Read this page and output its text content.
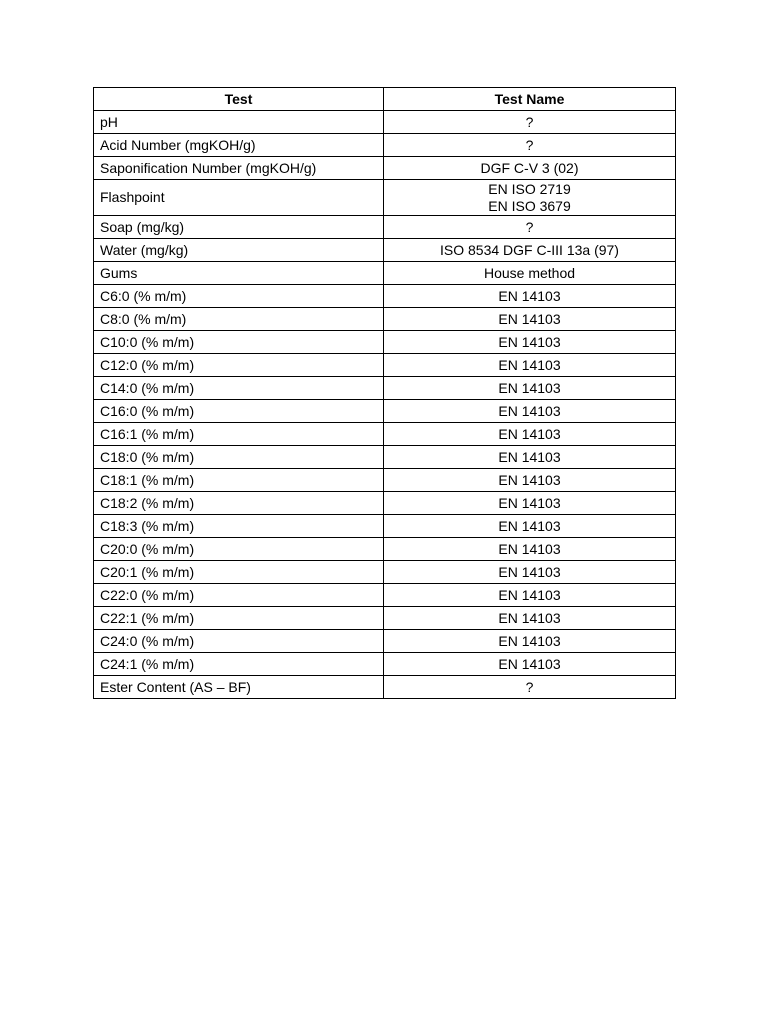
Test	Test Name
pH	?

Acid Number (mgKOH/g)	?

Saponification Number (mgKOH/g)	DGF C-V 3 (02)

Flashpoint	EN ISO 2719
EN ISO 3679

Soap (mg/kg)	?

Water (mg/kg)	ISO 8534 DGF C-III 13a (97)

Gums	House method

C6:0 (% m/m)	EN 14103

C8:0 (% m/m)	EN 14103

C10:0 (% m/m)	EN 14103

C12:0 (% m/m)	EN 14103

C14:0 (% m/m)	EN 14103

C16:0 (% m/m)	EN 14103

C16:1 (% m/m)	EN 14103

C18:0 (% m/m)	EN 14103

C18:1 (% m/m)	EN 14103

C18:2 (% m/m)	EN 14103

C18:3 (% m/m)	EN 14103

C20:0 (% m/m)	EN 14103

C20:1 (% m/m)	EN 14103

C22:0 (% m/m)	EN 14103

C22:1 (% m/m)	EN 14103

C24:0 (% m/m)	EN 14103

C24:1 (% m/m)	EN 14103

Ester Content (AS – BF)	?
